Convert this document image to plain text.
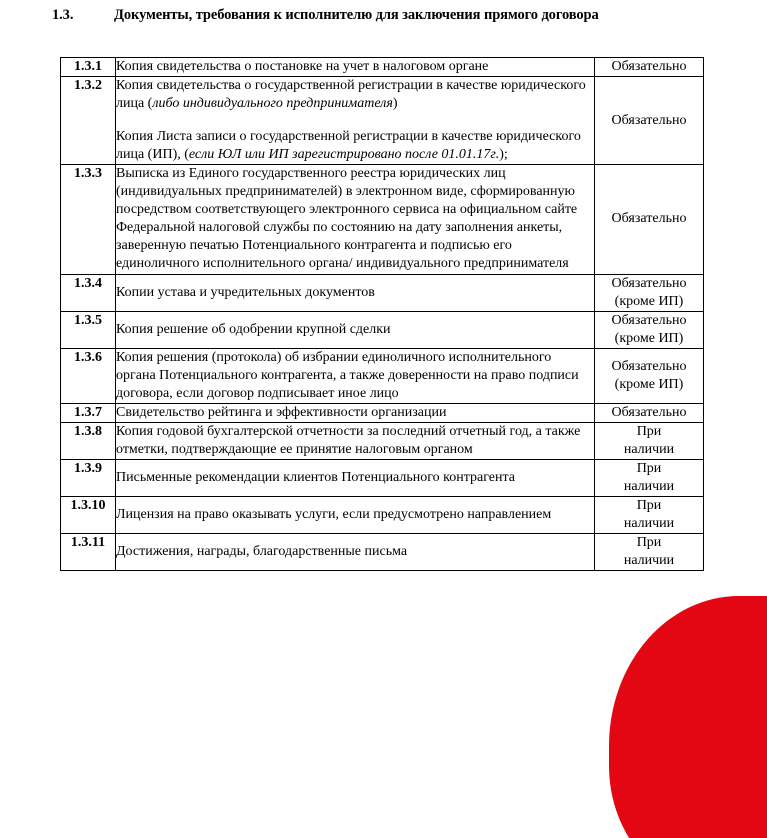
1.3.	Документы, требования к исполнителю для заключения прямого договора
1.3.1	Копия свидетельства о постановке на учет в налоговом органе	Обязательно

1.3.2	Копия свидетельства о государственной регистрации в качестве юридического лица (либо индивидуального предпринимателя)

Копия Листа записи о государственной регистрации в качестве юридического лица (ИП), (если ЮЛ или ИП зарегистрировано после 01.01.17г.);	Обязательно

1.3.3	Выписка из Единого государственного реестра юридических лиц (индивидуальных предпринимателей) в электронном виде, сформированную посредством соответствующего электронного сервиса на официальном сайте Федеральной налоговой службы по состоянию на дату заполнения анкеты, заверенную печатью Потенциального контрагента и подписью его единоличного исполнительного органа/ индивидуального предпринимателя	Обязательно

1.3.4	Копии устава и учредительных документов	Обязательно
(кроме ИП)

1.3.5	Копия решение об одобрении крупной сделки	Обязательно
(кроме ИП)

1.3.6	Копия решения (протокола) об избрании единоличного исполнительного органа Потенциального контрагента, а также доверенности на право подписи договора, если договор подписывает иное лицо	Обязательно
(кроме ИП)

1.3.7	Свидетельство рейтинга и эффективности организации	Обязательно

1.3.8	Копия годовой бухгалтерской отчетности за последний отчетный год, а также отметки, подтверждающие ее принятие налоговым органом	При
наличии

1.3.9	Письменные рекомендации клиентов Потенциального контрагента	При
наличии

1.3.10	Лицензия на право оказывать услуги, если предусмотрено направлением	При
наличии

1.3.11	Достижения, награды, благодарственные письма	При
наличии
